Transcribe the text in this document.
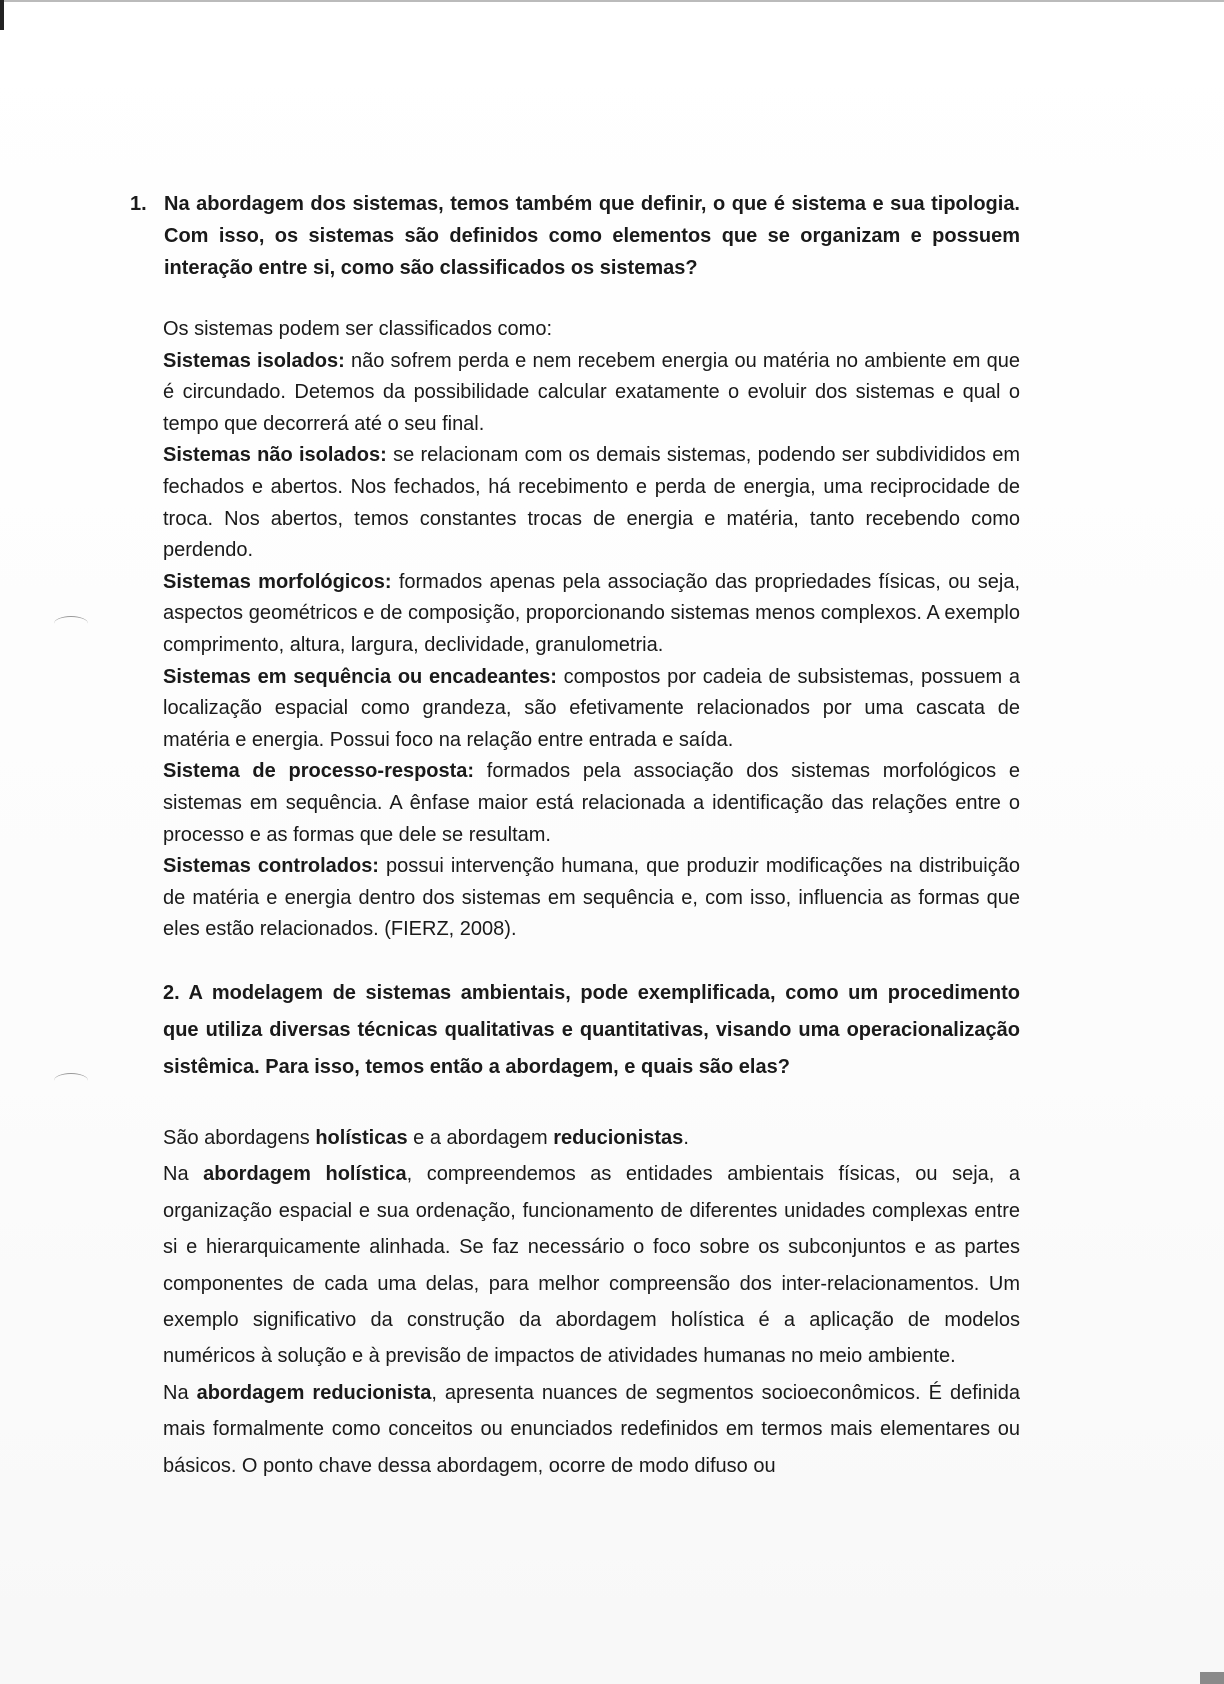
1. Na abordagem dos sistemas, temos também que definir, o que é sistema e sua tipologia. Com isso, os sistemas são definidos como elementos que se organizam e possuem interação entre si, como são classificados os sistemas?

Os sistemas podem ser classificados como:

Sistemas isolados: não sofrem perda e nem recebem energia ou matéria no ambiente em que é circundado. Detemos da possibilidade calcular exatamente o evoluir dos sistemas e qual o tempo que decorrerá até o seu final.

Sistemas não isolados: se relacionam com os demais sistemas, podendo ser subdivididos em fechados e abertos. Nos fechados, há recebimento e perda de energia, uma reciprocidade de troca. Nos abertos, temos constantes trocas de energia e matéria, tanto recebendo como perdendo.

Sistemas morfológicos: formados apenas pela associação das propriedades físicas, ou seja, aspectos geométricos e de composição, proporcionando sistemas menos complexos. A exemplo comprimento, altura, largura, declividade, granulometria.

Sistemas em sequência ou encadeantes: compostos por cadeia de subsistemas, possuem a localização espacial como grandeza, são efetivamente relacionados por uma cascata de matéria e energia. Possui foco na relação entre entrada e saída.

Sistema de processo-resposta: formados pela associação dos sistemas morfológicos e sistemas em sequência. A ênfase maior está relacionada a identificação das relações entre o processo e as formas que dele se resultam.

Sistemas controlados: possui intervenção humana, que produzir modificações na distribuição de matéria e energia dentro dos sistemas em sequência e, com isso, influencia as formas que eles estão relacionados. (FIERZ, 2008).

2. A modelagem de sistemas ambientais, pode exemplificada, como um procedimento que utiliza diversas técnicas qualitativas e quantitativas, visando uma operacionalização sistêmica. Para isso, temos então a abordagem, e quais são elas?

São abordagens holísticas e a abordagem reducionistas.

Na abordagem holística, compreendemos as entidades ambientais físicas, ou seja, a organização espacial e sua ordenação, funcionamento de diferentes unidades complexas entre si e hierarquicamente alinhada. Se faz necessário o foco sobre os subconjuntos e as partes componentes de cada uma delas, para melhor compreensão dos inter-relacionamentos. Um exemplo significativo da construção da abordagem holística é a aplicação de modelos numéricos à solução e à previsão de impactos de atividades humanas no meio ambiente.

Na abordagem reducionista, apresenta nuances de segmentos socioeconômicos. É definida mais formalmente como conceitos ou enunciados redefinidos em termos mais elementares ou básicos. O ponto chave dessa abordagem, ocorre de modo difuso ou
